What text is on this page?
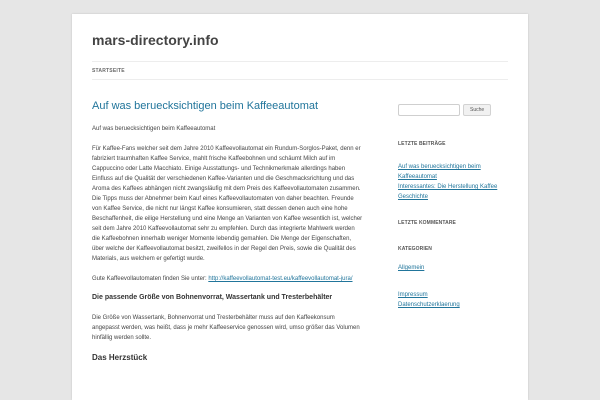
mars-directory.info
STARTSEITE
Auf was beruecksichtigen beim Kaffeeautomat

Auf was beruecksichtigen beim Kaffeeautomat

Für Kaffee-Fans welcher seit dem Jahre 2010 Kaffeevollautomat ein Rundum-Sorglos-Paket, denn er fabriziert traumhaften Kaffee Service, mahlt frische Kaffeebohnen und schäumt Milch auf im Cappuccino oder Latte Macchiato. Einige Ausstattungs- und Technikmerkmale allerdings haben Einfluss auf die Qualität der verschiedenen Kaffee-Varianten und die Geschmacksrichtung und das Aroma des Kaffees abhängen nicht zwangsläufig mit dem Preis des Kaffeevollautomaten zusammen. Die Tipps muss der Abnehmer beim Kauf eines Kaffeevollautomaten von daher beachten. Freunde von Kaffee Service, die nicht nur längst Kaffee konsumieren, statt dessen denen auch eine hohe Beschaffenheit, die eilige Herstellung und eine Menge an Varianten von Kaffee wesentlich ist, welcher seit dem Jahre 2010 Kaffeevollautomat sehr zu empfehlen. Durch das integrierte Mahlwerk werden die Kaffeebohnen innerhalb weniger Momente lebendig gemahlen. Die Menge der Eigenschaften, über welche der Kaffeevollautomat besitzt, zweifellos in der Regel den Preis, sowie die Qualität des Materials, aus welchem er gefertigt wurde.

Gute Kaffeevollautomaten finden Sie unter: http://kaffeevollautomat-test.eu/kaffeevollautomat-jura/

Die passende Größe von Bohnenvorrat, Wassertank und Tresterbehälter

Die Größe von Wassertank, Bohnenvorrat und Tresterbehälter muss auf den Kaffeekonsum angepasst werden, was heißt, dass je mehr Kaffeeservice genossen wird, umso größer das Volumen hinfällig werden sollte.

Das Herzstück
Suche
LETZTE BEITRÄGE
Auf was beruecksichtigen beim Kaffeeautomat
Interessantes: Die Herstellung Kaffee Geschichte
LETZTE KOMMENTARE
KATEGORIEN
Allgemein
Impressum
Datenschutzerklaerung
